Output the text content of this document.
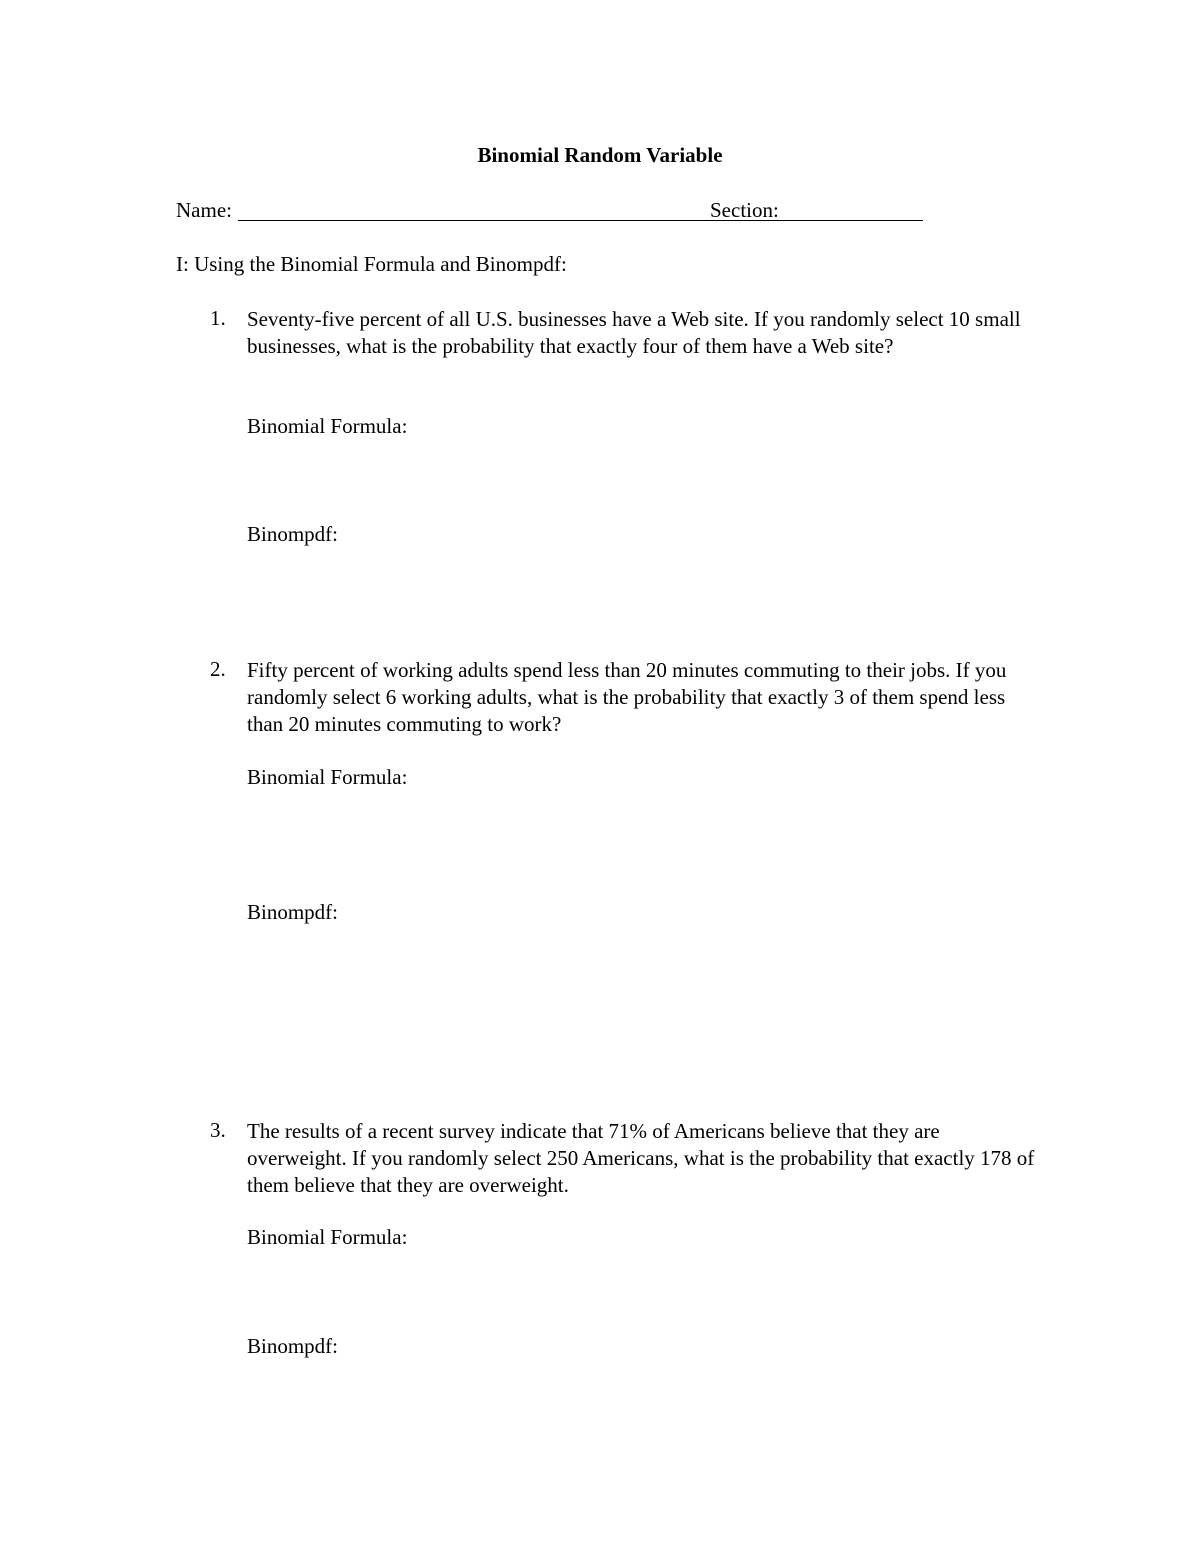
Binomial Random Variable
Name:	Section:
I: Using the Binomial Formula and Binompdf:
1. Seventy-five percent of all U.S. businesses have a Web site. If you randomly select 10 small businesses, what is the probability that exactly four of them have a Web site?
Binomial Formula:
Binompdf:
2. Fifty percent of working adults spend less than 20 minutes commuting to their jobs. If you randomly select 6 working adults, what is the probability that exactly 3 of them spend less than 20 minutes commuting to work?
Binomial Formula:
Binompdf:
3. The results of a recent survey indicate that 71% of Americans believe that they are overweight. If you randomly select 250 Americans, what is the probability that exactly 178 of them believe that they are overweight.
Binomial Formula:
Binompdf:
